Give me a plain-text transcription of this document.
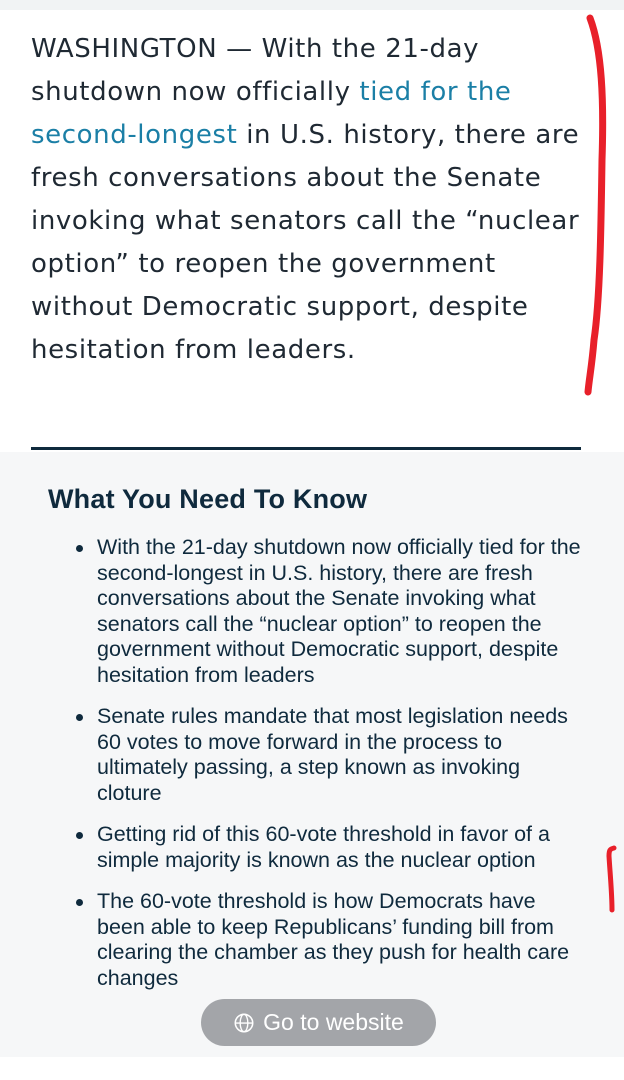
WASHINGTON — With the 21-day shutdown now officially tied for the second-longest in U.S. history, there are fresh conversations about the Senate invoking what senators call the “nuclear option” to reopen the government without Democratic support, despite hesitation from leaders.

What You Need To Know
With the 21-day shutdown now officially tied for the second-longest in U.S. history, there are fresh conversations about the Senate invoking what senators call the “nuclear option” to reopen the government without Democratic support, despite hesitation from leaders
Senate rules mandate that most legislation needs 60 votes to move forward in the process to ultimately passing, a step known as invoking cloture
Getting rid of this 60-vote threshold in favor of a simple majority is known as the nuclear option
The 60-vote threshold is how Democrats have been able to keep Republicans’ funding bill from clearing the chamber as they push for health care changes
Go to website
